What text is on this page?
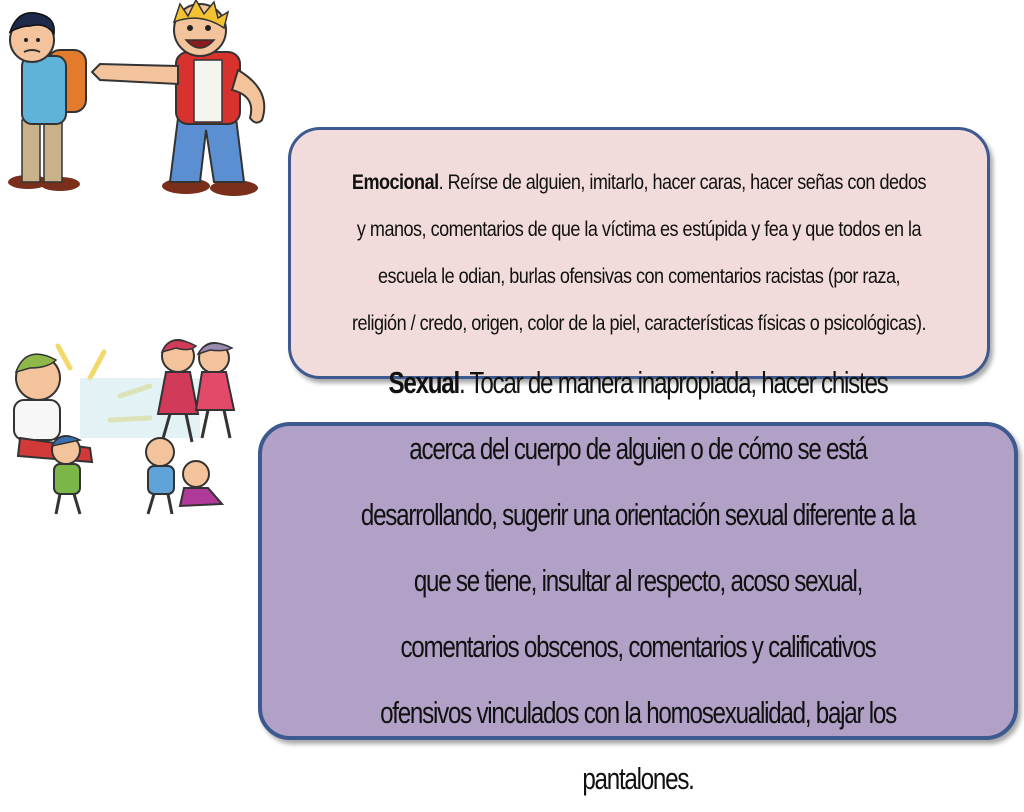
Emocional. Reírse de alguien, imitarlo, hacer caras, hacer señas con dedos y manos, comentarios de que la víctima es estúpida y fea y que todos en la escuela le odian, burlas ofensivas con comentarios racistas (por raza, religión / credo, origen, color de la piel, características físicas o psicológicas).

Sexual. Tocar de manera inapropiada, hacer chistes acerca del cuerpo de alguien o de cómo se está desarrollando, sugerir una orientación sexual diferente a la que se tiene, insultar al respecto, acoso sexual, comentarios obscenos, comentarios y calificativos ofensivos vinculados con la homosexualidad, bajar los pantalones.
